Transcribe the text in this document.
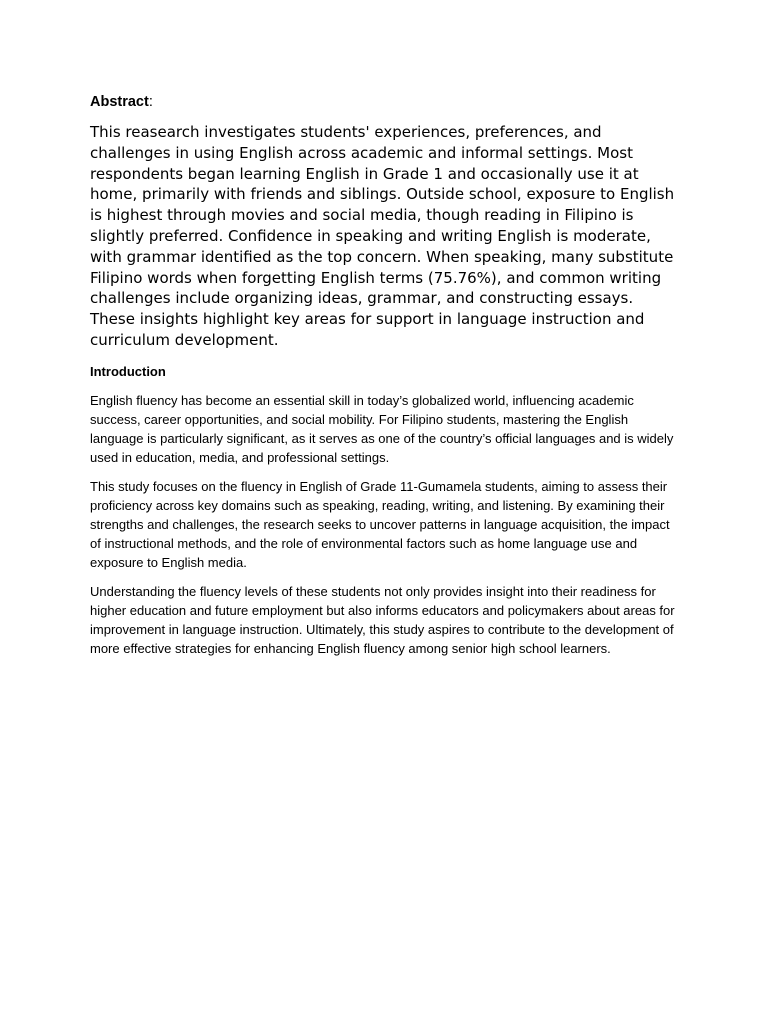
Abstract:

This reasearch investigates students' experiences, preferences, and challenges in using English across academic and informal settings. Most respondents began learning English in Grade 1 and occasionally use it at home, primarily with friends and siblings. Outside school, exposure to English is highest through movies and social media, though reading in Filipino is slightly preferred. Confidence in speaking and writing English is moderate, with grammar identified as the top concern. When speaking, many substitute Filipino words when forgetting English terms (75.76%), and common writing challenges include organizing ideas, grammar, and constructing essays. These insights highlight key areas for support in language instruction and curriculum development.

Introduction

English fluency has become an essential skill in today’s globalized world, influencing academic success, career opportunities, and social mobility. For Filipino students, mastering the English language is particularly significant, as it serves as one of the country’s official languages and is widely used in education, media, and professional settings.

This study focuses on the fluency in English of Grade 11-Gumamela students, aiming to assess their proficiency across key domains such as speaking, reading, writing, and listening. By examining their strengths and challenges, the research seeks to uncover patterns in language acquisition, the impact of instructional methods, and the role of environmental factors such as home language use and exposure to English media.

Understanding the fluency levels of these students not only provides insight into their readiness for higher education and future employment but also informs educators and policymakers about areas for improvement in language instruction. Ultimately, this study aspires to contribute to the development of more effective strategies for enhancing English fluency among senior high school learners.
